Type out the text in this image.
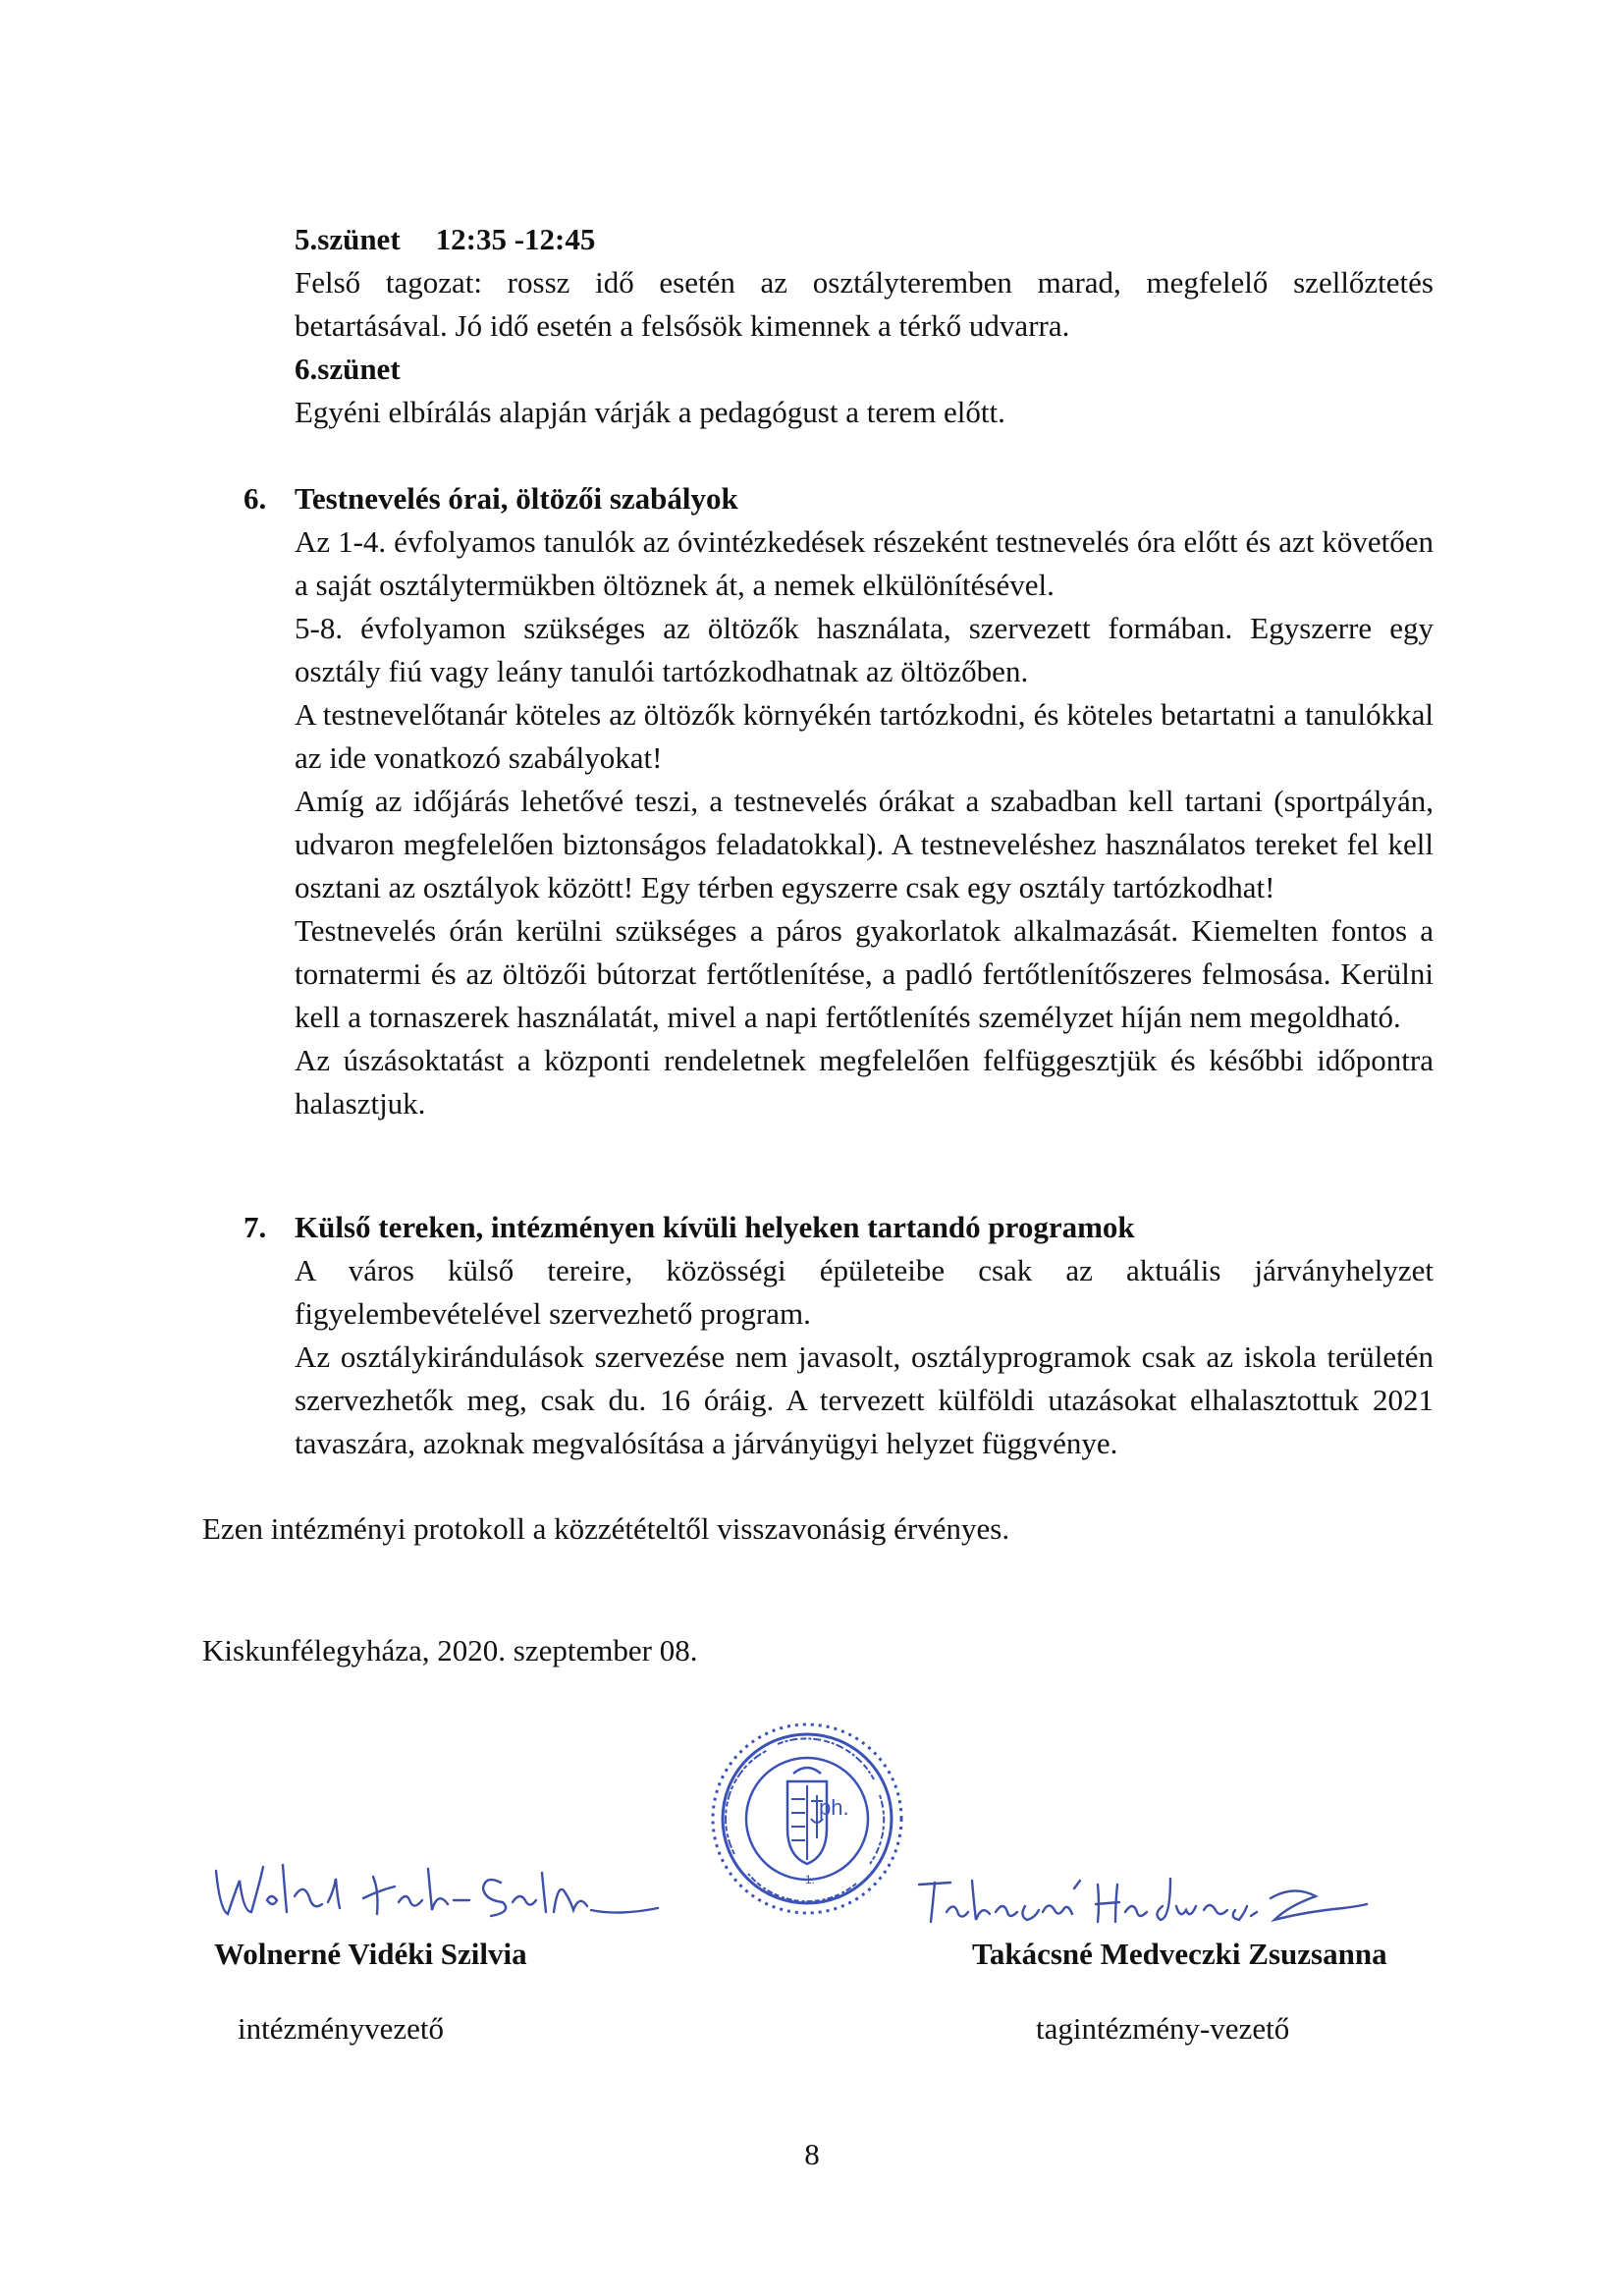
5.szünet 12:35 -12:45

Felső tagozat: rossz idő esetén az osztályteremben marad, megfelelő szellőztetés betartásával. Jó idő esetén a felsősök kimennek a térkő udvarra.

6.szünet

Egyéni elbírálás alapján várják a pedagógust a terem előtt.

6. Testnevelés órai, öltözői szabályok

Az 1-4. évfolyamos tanulók az óvintézkedések részeként testnevelés óra előtt és azt követően a saját osztálytermükben öltöznek át, a nemek elkülönítésével.

5-8. évfolyamon szükséges az öltözők használata, szervezett formában. Egyszerre egy osztály fiú vagy leány tanulói tartózkodhatnak az öltözőben.

A testnevelőtanár köteles az öltözők környékén tartózkodni, és köteles betartatni a tanulókkal az ide vonatkozó szabályokat!

Amíg az időjárás lehetővé teszi, a testnevelés órákat a szabadban kell tartani (sportpályán, udvaron megfelelően biztonságos feladatokkal). A testneveléshez használatos tereket fel kell osztani az osztályok között! Egy térben egyszerre csak egy osztály tartózkodhat!

Testnevelés órán kerülni szükséges a páros gyakorlatok alkalmazását. Kiemelten fontos a tornatermi és az öltözői bútorzat fertőtlenítése, a padló fertőtlenítőszeres felmosása. Kerülni kell a tornaszerek használatát, mivel a napi fertőtlenítés személyzet híján nem megoldható.

Az úszásoktatást a központi rendeletnek megfelelően felfüggesztjük és későbbi időpontra halasztjuk.

7. Külső tereken, intézményen kívüli helyeken tartandó programok

A város külső tereire, közösségi épületeibe csak az aktuális járványhelyzet figyelembevételével szervezhető program.

Az osztálykirándulások szervezése nem javasolt, osztályprogramok csak az iskola területén szervezhetők meg, csak du. 16 óráig. A tervezett külföldi utazásokat elhalasztottuk 2021 tavaszára, azoknak megvalósítása a járványügyi helyzet függvénye.

Ezen intézményi protokoll a közzétételtől visszavonásig érvényes.
Kiskunfélegyháza, 2020. szeptember 08.
ph.
1.
Wolnerné Vidéki Szilvia
intézményvezető
Takácsné Medveczki Zsuzsanna
tagintézmény-vezető
8
